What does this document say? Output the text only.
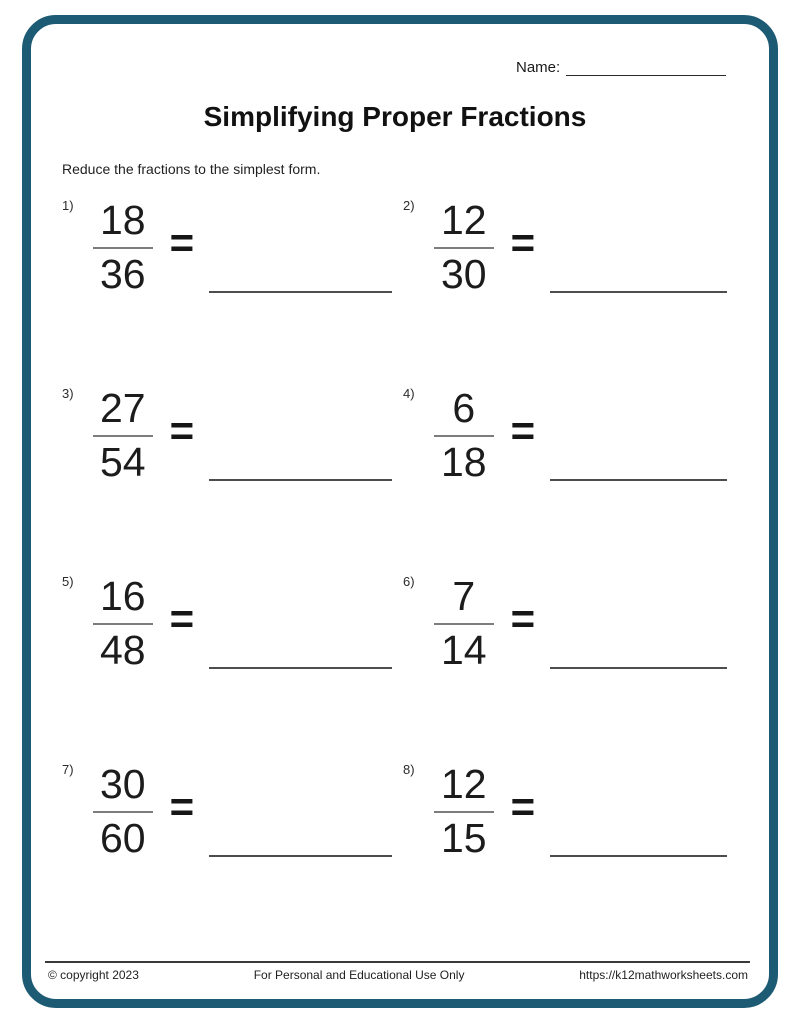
Name:
Simplifying Proper Fractions
Reduce the fractions to the simplest form.
$1) \frac{18}{36}$ =
$2) \frac{12}{30}$ =
$3) \frac{27}{54}$ =
$4) \frac{6}{18}$ =
$5) \frac{16}{48}$ =
$6) \frac{7}{14}$ =
$7) \frac{30}{60}$ =
$8) \frac{12}{15}$ =
© copyright 2023	For Personal and Educational Use Only	https://k12mathworksheets.com
